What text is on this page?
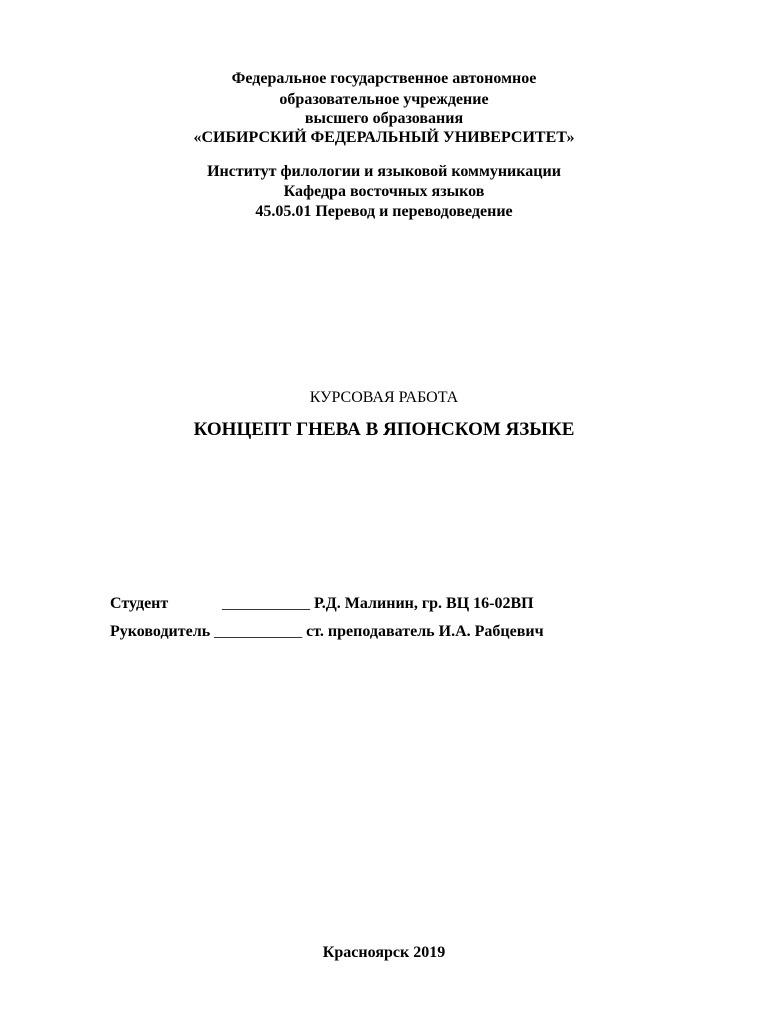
Федеральное государственное автономное
образовательное учреждение
высшего образования
«СИБИРСКИЙ ФЕДЕРАЛЬНЫЙ УНИВЕРСИТЕТ»
Институт филологии и языковой коммуникации
Кафедра восточных языков
45.05.01 Перевод и переводоведение
КУРСОВАЯ РАБОТА
КОНЦЕПТ ГНЕВА В ЯПОНСКОМ ЯЗЫКЕ
Студент	___________ Р.Д. Малинин, гр. ВЦ 16-02ВП
Руководитель ___________ ст. преподаватель И.А. Рабцевич
Красноярск 2019
